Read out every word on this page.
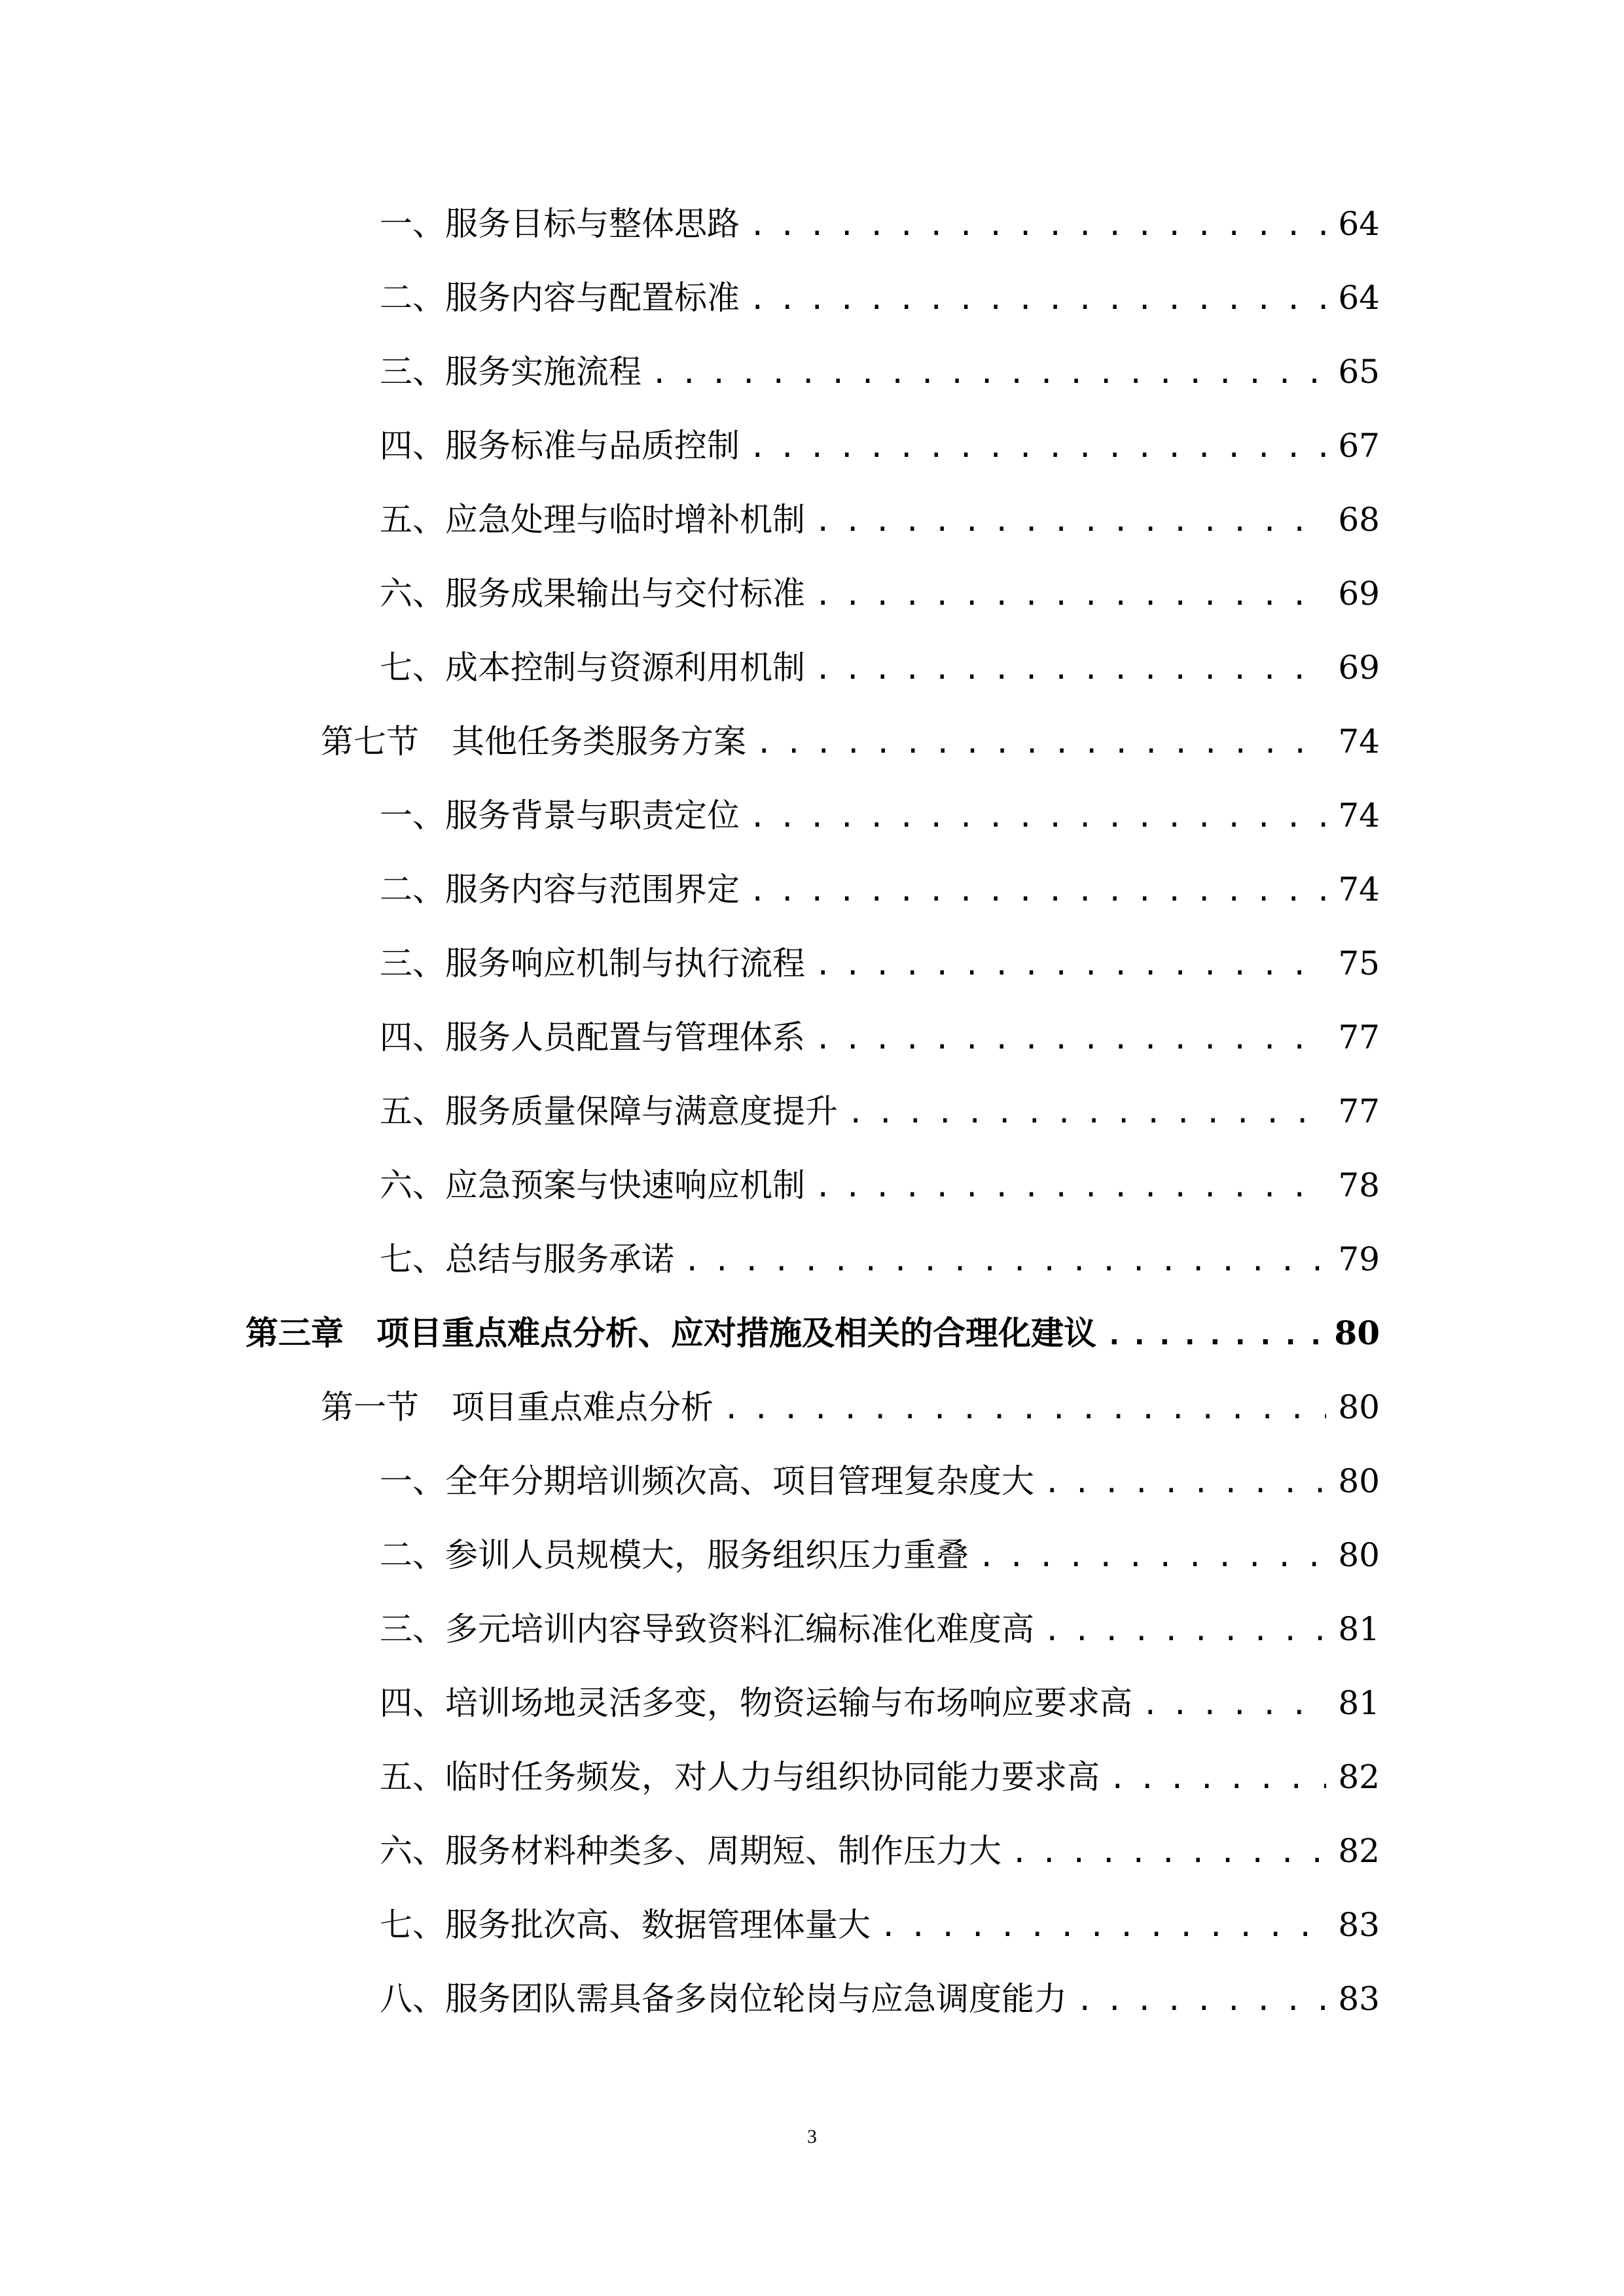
一、服务目标与整体思路 .....	64
二、服务内容与配置标准 .....	64
三、服务实施流程 .....	65
四、服务标准与品质控制 .....	67
五、应急处理与临时增补机制 .....	68
六、服务成果输出与交付标准 .....	69
七、成本控制与资源利用机制 .....	69
第七节　其他任务类服务方案 .....	74
一、服务背景与职责定位 .....	74
二、服务内容与范围界定 .....	74
三、服务响应机制与执行流程 .....	75
四、服务人员配置与管理体系 .....	77
五、服务质量保障与满意度提升 .....	77
六、应急预案与快速响应机制 .....	78
七、总结与服务承诺 .....	79
第三章　项目重点难点分析、应对措施及相关的合理化建议 .....	80
第一节　项目重点难点分析 .....	80
一、全年分期培训频次高、项目管理复杂度大 .....	80
二、参训人员规模大，服务组织压力重叠 .....	80
三、多元培训内容导致资料汇编标准化难度高 .....	81
四、培训场地灵活多变，物资运输与布场响应要求高 .....	81
五、临时任务频发，对人力与组织协同能力要求高 .....	82
六、服务材料种类多、周期短、制作压力大 .....	82
七、服务批次高、数据管理体量大 .....	83
八、服务团队需具备多岗位轮岗与应急调度能力 .....	83
3
